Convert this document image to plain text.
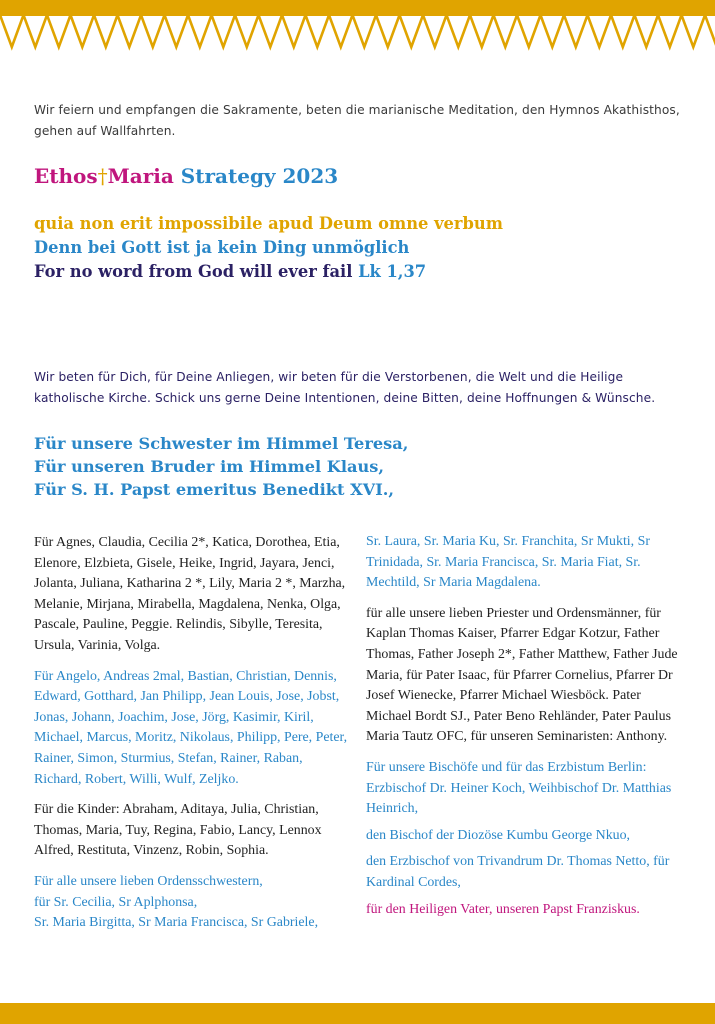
Wir feiern und empfangen die Sakramente, beten die marianische Meditation, den Hymnos Akathisthos, gehen auf Wallfahrten.
Ethos†Maria Strategy 2023
quia non erit impossibile apud Deum omne verbum
Denn bei Gott ist ja kein Ding unmöglich
For no word from God will ever fail Lk 1,37
Wir beten für Dich, für Deine Anliegen, wir beten für die Verstorbenen, die Welt und die Heilige katholische Kirche. Schick uns gerne Deine Intentionen, deine Bitten, deine Hoffnungen & Wünsche.
Für unsere Schwester im Himmel Teresa,
Für unseren Bruder im Himmel Klaus,
Für S. H. Papst emeritus Benedikt XVI.,

Für Agnes, Claudia, Cecilia 2*, Katica, Dorothea, Etia, Elenore, Elzbieta, Gisele, Heike, Ingrid, Jayara, Jenci, Jolanta, Juliana, Katharina 2 *, Lily, Maria 2 *, Marzha, Melanie, Mirjana, Mirabella, Magdalena, Nenka, Olga, Pascale, Pauline, Peggie. Relindis, Sibylle, Teresita, Ursula, Varinia, Volga.

Für Angelo, Andreas 2mal, Bastian, Christian, Dennis, Edward, Gotthard, Jan Philipp, Jean Louis, Jose, Jobst, Jonas, Johann, Joachim, Jose, Jörg, Kasimir, Kiril, Michael, Marcus, Moritz, Nikolaus, Philipp, Pere, Peter, Rainer, Simon, Sturmius, Stefan, Rainer, Raban, Richard, Robert, Willi, Wulf, Zeljko.

Für die Kinder: Abraham, Aditaya, Julia, Christian, Thomas, Maria, Tuy, Regina, Fabio, Lancy, Lennox Alfred, Restituta, Vinzenz, Robin, Sophia.

Für alle unsere lieben Ordensschwestern,
für Sr. Cecilia, Sr Aplphonsa,
Sr. Maria Birgitta, Sr Maria Francisca, Sr Gabriele,

Sr. Laura, Sr. Maria Ku, Sr. Franchita, Sr Mukti, Sr Trinidada, Sr. Maria Francisca, Sr. Maria Fiat, Sr. Mechtild, Sr Maria Magdalena.

für alle unsere lieben Priester und Ordensmänner, für Kaplan Thomas Kaiser, Pfarrer Edgar Kotzur, Father Thomas, Father Joseph 2*, Father Matthew, Father Jude Maria, für Pater Isaac, für Pfarrer Cornelius, Pfarrer Dr Josef Wienecke, Pfarrer Michael Wiesböck. Pater Michael Bordt SJ., Pater Beno Rehländer, Pater Paulus Maria Tautz OFC, für unseren Seminaristen: Anthony.

Für unsere Bischöfe und für das Erzbistum Berlin: Erzbischof Dr. Heiner Koch, Weihbischof Dr. Matthias Heinrich,

den Bischof der Diozöse Kumbu George Nkuo,

den Erzbischof von Trivandrum Dr. Thomas Netto, für Kardinal Cordes,

für den Heiligen Vater, unseren Papst Franziskus.
